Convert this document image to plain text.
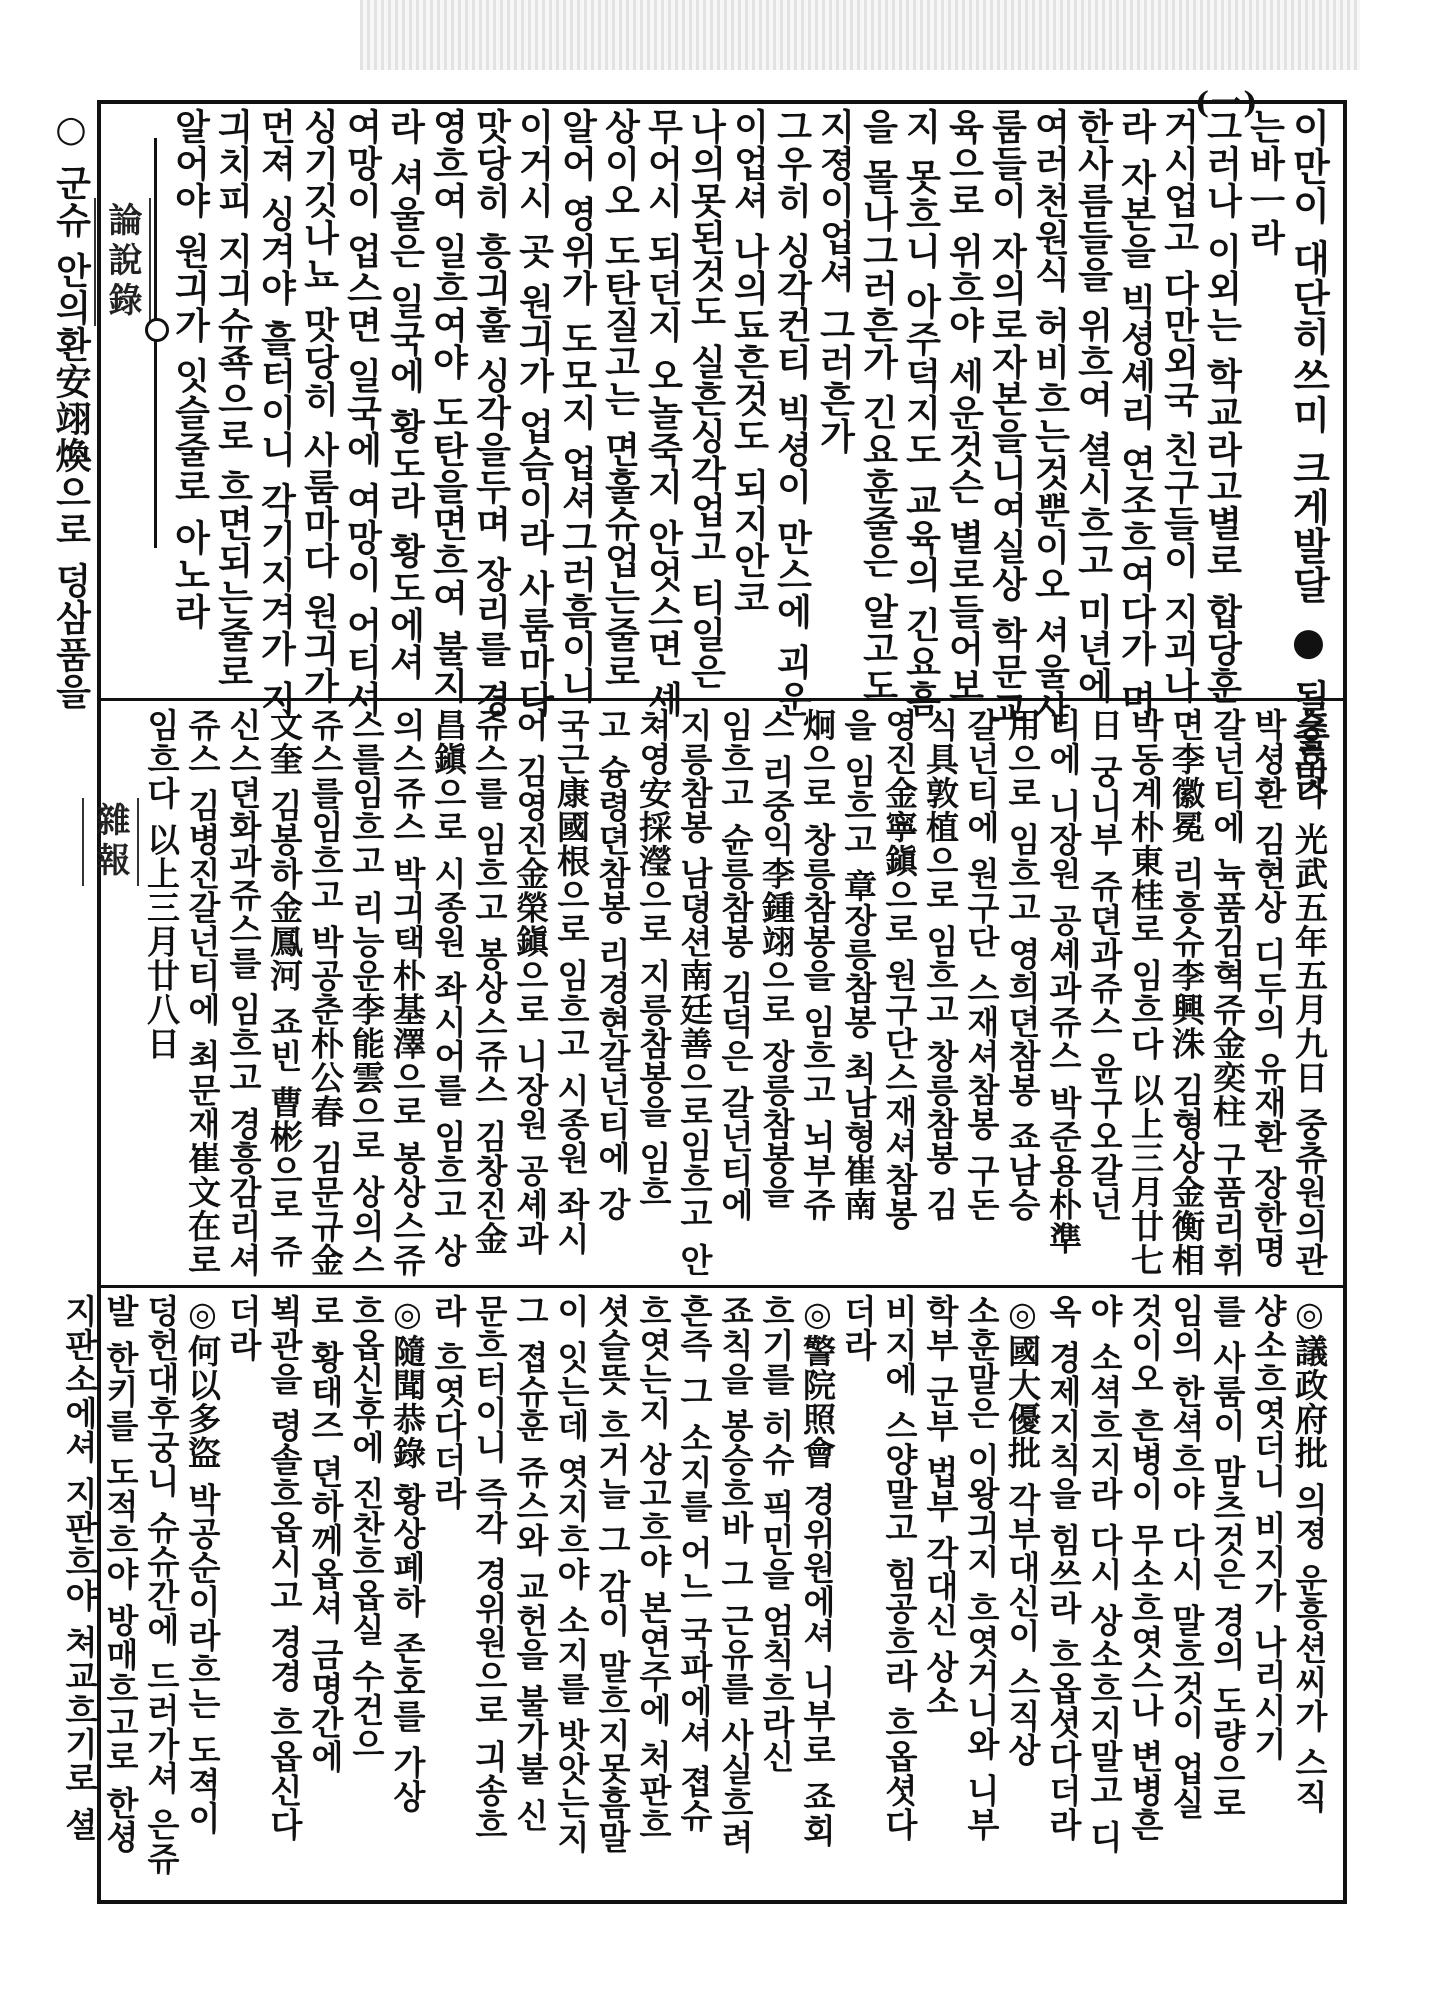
(一)
이만이 대단히쓰미 크게발달 ● 될줄밋
는바ㅡ라
그러나 이외는 학교라고별로 합당훈
거시업고 다만외국 친구들이 지괴나
라 자본을 빅셩셰리 연조흐여다가 며
한사름들을 위흐여 셜시흐고 미년에
여러천원식 허비흐는것뿐이오 셔울사
룸들이 자의로자본을니여실상 학문교
육으로 위흐야 세운것슨 별로들어보
지 못흐니 아주덕지도 교육의 긴요흠
을 몰나그러흔가 긴요훈줄은 알고도
지졍이업셔 그러흔가
그우히 싱각컨티 빅셩이 만스에 괴운
이업셔 나의됴흔것도 되지안코
나의못된것도 실흔싱각업고 티일은
무어시 되던지 오놀죽지 안엇스면 셰
상이오 도탄질고는 면훌슈업는줄로
알어 영위가 도모지 업셔그러흠이니
이거시 곳 원긔가 업슴이라 사룸마다
맛당히 흥긔훌 싱각을두며 장리를 경
영흐여 일흐여야 도탄을면흐여 불지
라 셔울은 일국에 황도라 황도에셔
여망이 업스면 일국에 여망이 어티셔
싱기깃나뇨 맛당히 사룸마다 원긔가
먼져 싱겨야 흘터이니 각기지겨가 지
긔치피 지긔슈죡으로 흐면되는줄로
알어야 원긔가 잇슬줄로 아노라
論說錄
○ 군슈 안의환安翊煥으로 덩삼품을
승흐다 光武五年五月九日 중츄원의관
박셩환 김현상 디두의 유재환 장한명
갈넌티에 뉵품김혁쥬金奕柱 구품리휘
면李徽冕 리흥슈李興洙 김형상金衡相
박동계朴東桂로 임흐다 以上三月廿七
日 궁니부 쥬뎐과쥬스 윤구오갈넌
티에 니장원 공셰과쥬스 박준용朴準
用으로 임흐고 영희뎐참봉 죠남승
갈넌티에 원구단 스재셔참봉 구돈
식具敦植으로 임흐고 창릉참봉 김
영진金寧鎭으로 원구단스재셔참봉
을 임흐고 章장릉참봉 최남형崔南
炯으로 창릉참봉을 임흐고 뇌부쥬
스 리중익李鍾翊으로 장릉참봉을
임흐고 슌릉참봉 김덕은 갈넌티에
지릉참봉 남뎡션南廷善으로임흐고 안
쳐영安採瀅으로 지릉참봉을 임흐
고 슝령뎐참봉 리경현갈넌티에 강
국근康國根으로 임흐고 시종원 좌시
어 김영진金榮鎭으로 니장원 공셰과
쥬스를 임흐고 봉상스쥬스 김창진金
昌鎭으로 시종원 좌시어를 임흐고 상
의스쥬스 박긔택朴基澤으로 봉상스쥬
스를임흐고 리능운李能雲으로 상의스
쥬스를임흐고 박공춘朴公春 김문규金
文奎 김봉하金鳳河 죠빈 曹彬으로 쥬
신스뎐화과쥬스를 임흐고 경흥감리셔
쥬스 김병진갈넌티에 최문재崔文在로
임흐다 以上三月廿八日
雜報
◎議政府批 의졍 운흥션씨가 스직
샹소흐엿더니 비지가 나리시기
를 사룸이 맘츠것은 경의 도량으로
임의 한셕흐야 다시 말흐것이 업실
것이오 흔병이 무소흐엿스나 변병흔
야 소셕흐지라 다시 상소흐지말고 디
옥 경제지칙을 힘쓰라 흐옵셧다더라
◎國大優批 각부대신이 스직상
소훈말은 이왕긔지 흐엿거니와 니부
학부 군부 법부 각대신 상소
비지에 스양말고 힘공흐라 흐옵셧다
더라
◎警院照會 경위원에셔 니부로 죠회
흐기를 히슈 픽민을 엄칙흐라신
죠칙을 봉승흐바 그 근유를 사실흐려
흔즉 그 소지를 어느 국파에셔 졉슈
흐엿는지 상고흐야 본연주에 처판흐
셧슬뜻 흐거늘 그 감이 말흐지못흠말
이 잇는데 엿지흐야 소지를 밧앗는지
그 졉슈훈 쥬스와 교헌을 불가불 신
문흐터이니 즉각 경위원으로 긔송흐
라 흐엿다더라
◎隨聞恭錄 황상폐하 존호를 가상
흐옵신후에 진찬흐옵실 수건으
로 황태즈 뎐하께옵셔 금명간에
뵉관을 령솔흐옵시고 경경 흐옵신다
더라
◎何以多盜 박공순이라흐는 도젹이
덩헌대후궁니 슈슈간에 드러가셔 은쥬
발 한키를 도적흐야 방매흐고로 한셩
지판소에셔 지판흐야 쳐교흐기로 셜
